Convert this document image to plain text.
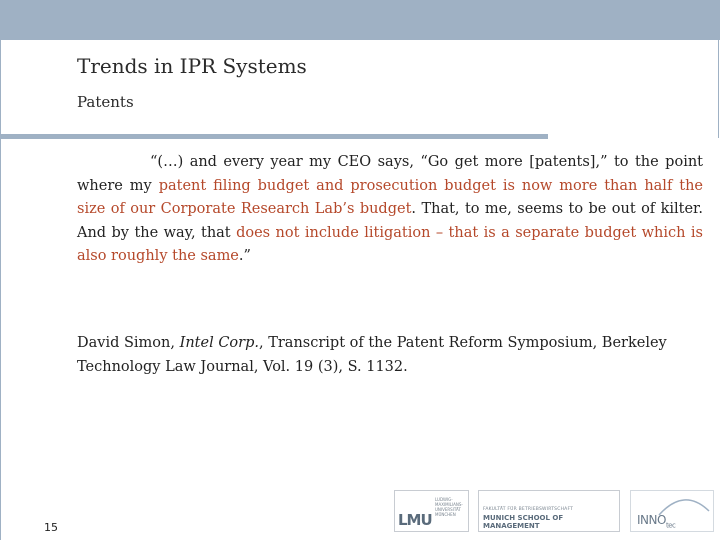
Trends in IPR Systems
Patents
“(…) and every year my CEO says, “Go get more [patents],” to the point where my patent filing budget and prosecution budget is now more than half the size of our Corporate Research Lab’s budget. That, to me, seems to be out of kilter. And by the way, that does not include litigation – that is a separate budget which is also roughly the same.”
David Simon, Intel Corp., Transcript of the Patent Reform Symposium, Berkeley Technology Law Journal, Vol. 19 (3), S. 1132.
15
LUDWIG-MAXIMILIANS-UNIVERSITÄT MÜNCHEN
LMU
FAKULTÄT FÜR BETRIEBSWIRTSCHAFT
MUNICH SCHOOL OF
MANAGEMENT	$INNO_{tec}$
